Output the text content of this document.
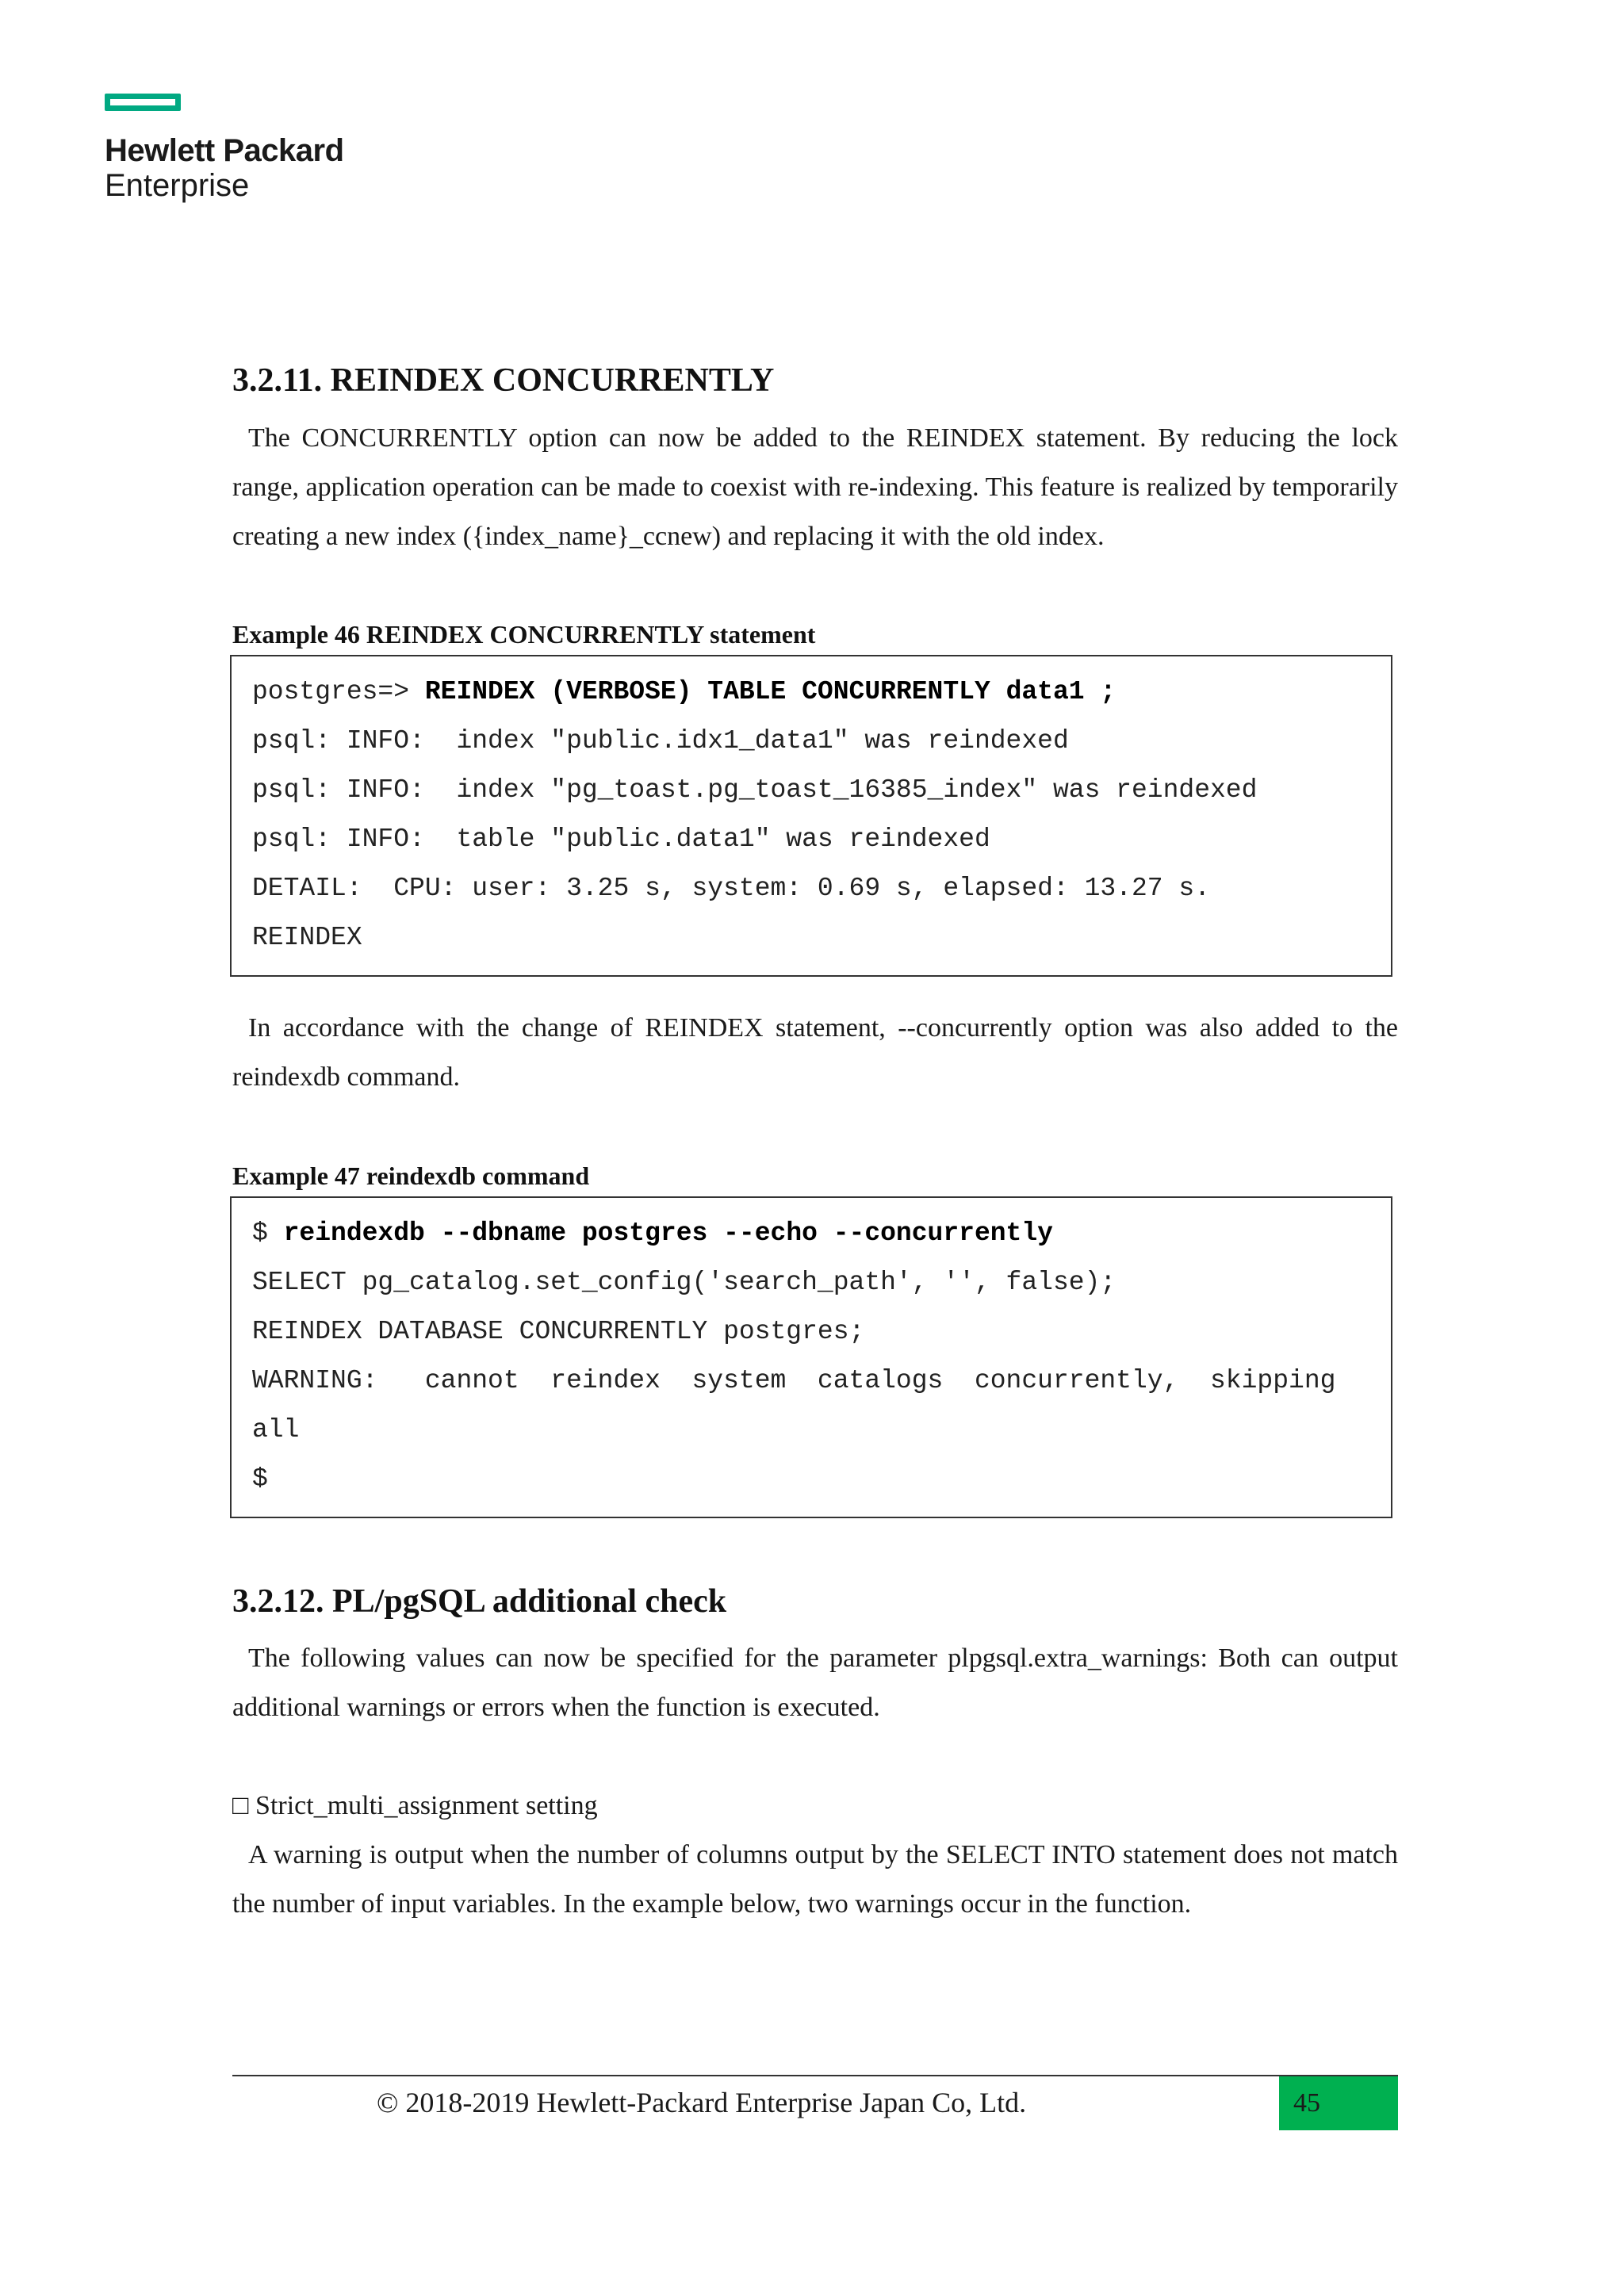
Hewlett Packard
Enterprise
3.2.11. REINDEX CONCURRENTLY

The CONCURRENTLY option can now be added to the REINDEX statement. By reducing the lock range, application operation can be made to coexist with re-indexing. This feature is realized by temporarily creating a new index ({index_name}_ccnew) and replacing it with the old index.

Example 46 REINDEX CONCURRENTLY statement

postgres=> REINDEX (VERBOSE) TABLE CONCURRENTLY data1 ;
psql: INFO:  index "public.idx1_data1" was reindexed
psql: INFO:  index "pg_toast.pg_toast_16385_index" was reindexed
psql: INFO:  table "public.data1" was reindexed
DETAIL:  CPU: user: 3.25 s, system: 0.69 s, elapsed: 13.27 s.
REINDEX

In accordance with the change of REINDEX statement, --concurrently option was also added to the reindexdb command.

Example 47 reindexdb command

$ reindexdb --dbname postgres --echo --concurrently
SELECT pg_catalog.set_config('search_path', '', false);
REINDEX DATABASE CONCURRENTLY postgres;
WARNING:   cannot  reindex  system  catalogs  concurrently,  skipping
all
$
3.2.12. PL/pgSQL additional check

The following values can now be specified for the parameter plpgsql.extra_warnings: Both can output additional warnings or errors when the function is executed.

□ Strict_multi_assignment setting

A warning is output when the number of columns output by the SELECT INTO statement does not match the number of input variables. In the example below, two warnings occur in the function.

© 2018-2019 Hewlett-Packard Enterprise Japan Co, Ltd.	45
